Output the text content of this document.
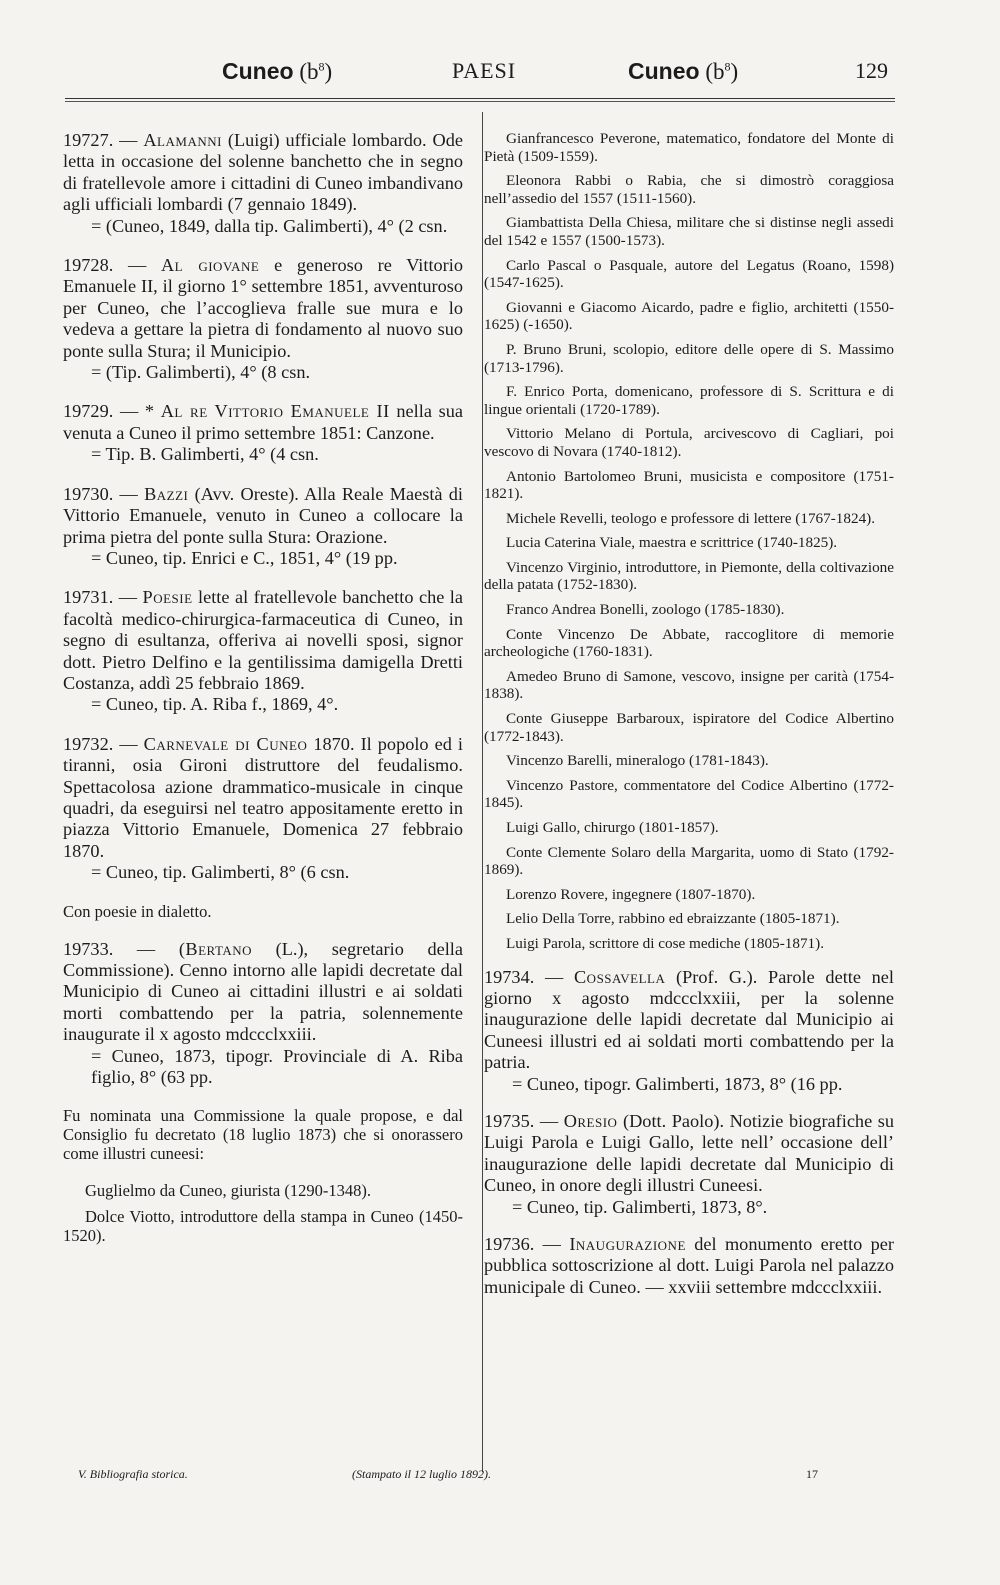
Cuneo $(b^8)$	PAESI	Cuneo $(b^8)$	129
19727. — Alamanni (Luigi) ufficiale lombardo. Ode letta in occasione del solenne banchetto che in segno di fratellevole amore i cittadini di Cuneo imbandivano agli ufficiali lombardi (7 gennaio 1849).
= (Cuneo, 1849, dalla tip. Galimberti), 4° (2 csn.
19728. — Al giovane e generoso re Vittorio Emanuele II, il giorno 1° settembre 1851, avventuroso per Cuneo, che l’accoglieva fralle sue mura e lo vedeva a gettare la pietra di fondamento al nuovo suo ponte sulla Stura; il Municipio.
= (Tip. Galimberti), 4° (8 csn.
19729. — * Al re Vittorio Emanuele II nella sua venuta a Cuneo il primo settembre 1851: Canzone.
= Tip. B. Galimberti, 4° (4 csn.
19730. — Bazzi (Avv. Oreste). Alla Reale Maestà di Vittorio Emanuele, venuto in Cuneo a collocare la prima pietra del ponte sulla Stura: Orazione.
= Cuneo, tip. Enrici e C., 1851, 4° (19 pp.
19731. — Poesie lette al fratellevole banchetto che la facoltà medico-chirurgica-farmaceutica di Cuneo, in segno di esultanza, offeriva ai novelli sposi, signor dott. Pietro Delfino e la gentilissima damigella Dretti Costanza, addì 25 febbraio 1869.
= Cuneo, tip. A. Riba f., 1869, 4°.
19732. — Carnevale di Cuneo 1870. Il popolo ed i tiranni, osia Gironi distruttore del feudalismo. Spettacolosa azione drammatico-musicale in cinque quadri, da eseguirsi nel teatro appositamente eretto in piazza Vittorio Emanuele, Domenica 27 febbraio 1870.
= Cuneo, tip. Galimberti, 8° (6 csn.

Con poesie in dialetto.

19733. — (Bertano (L.), segretario della Commissione). Cenno intorno alle lapidi decretate dal Municipio di Cuneo ai cittadini illustri e ai soldati morti combattendo per la patria, solennemente inaugurate il x agosto mdccclxxiii.
= Cuneo, 1873, tipogr. Provinciale di A. Riba figlio, 8° (63 pp.

Fu nominata una Commissione la quale propose, e dal Consiglio fu decretato (18 luglio 1873) che si onorassero come illustri cuneesi:

Guglielmo da Cuneo, giurista (1290-1348).

Dolce Viotto, introduttore della stampa in Cuneo (1450-1520).

Gianfrancesco Peverone, matematico, fondatore del Monte di Pietà (1509-1559).

Eleonora Rabbi o Rabia, che si dimostrò coraggiosa nell’assedio del 1557 (1511-1560).

Giambattista Della Chiesa, militare che si distinse negli assedi del 1542 e 1557 (1500-1573).

Carlo Pascal o Pasquale, autore del Legatus (Roano, 1598) (1547-1625).

Giovanni e Giacomo Aicardo, padre e figlio, architetti (1550-1625) (-1650).

P. Bruno Bruni, scolopio, editore delle opere di S. Massimo (1713-1796).

F. Enrico Porta, domenicano, professore di S. Scrittura e di lingue orientali (1720-1789).

Vittorio Melano di Portula, arcivescovo di Cagliari, poi vescovo di Novara (1740-1812).

Antonio Bartolomeo Bruni, musicista e compositore (1751-1821).

Michele Revelli, teologo e professore di lettere (1767-1824).

Lucia Caterina Viale, maestra e scrittrice (1740-1825).

Vincenzo Virginio, introduttore, in Piemonte, della coltivazione della patata (1752-1830).

Franco Andrea Bonelli, zoologo (1785-1830).

Conte Vincenzo De Abbate, raccoglitore di memorie archeologiche (1760-1831).

Amedeo Bruno di Samone, vescovo, insigne per carità (1754-1838).

Conte Giuseppe Barbaroux, ispiratore del Codice Albertino (1772-1843).

Vincenzo Barelli, mineralogo (1781-1843).

Vincenzo Pastore, commentatore del Codice Albertino (1772-1845).

Luigi Gallo, chirurgo (1801-1857).

Conte Clemente Solaro della Margarita, uomo di Stato (1792-1869).

Lorenzo Rovere, ingegnere (1807-1870).

Lelio Della Torre, rabbino ed ebraizzante (1805-1871).

Luigi Parola, scrittore di cose mediche (1805-1871).

19734. — Cossavella (Prof. G.). Parole dette nel giorno x agosto mdccclxxiii, per la solenne inaugurazione delle lapidi decretate dal Municipio ai Cuneesi illustri ed ai soldati morti combattendo per la patria.
= Cuneo, tipogr. Galimberti, 1873, 8° (16 pp.
19735. — Oresio (Dott. Paolo). Notizie biografiche su Luigi Parola e Luigi Gallo, lette nell’ occasione dell’ inaugurazione delle lapidi decretate dal Municipio di Cuneo, in onore degli illustri Cuneesi.
= Cuneo, tip. Galimberti, 1873, 8°.
19736. — Inaugurazione del monumento eretto per pubblica sottoscrizione al dott. Luigi Parola nel palazzo municipale di Cuneo. — xxviii settembre mdccclxxiii.
V. Bibliografia storica.	(Stampato il 12 luglio 1892).	17
